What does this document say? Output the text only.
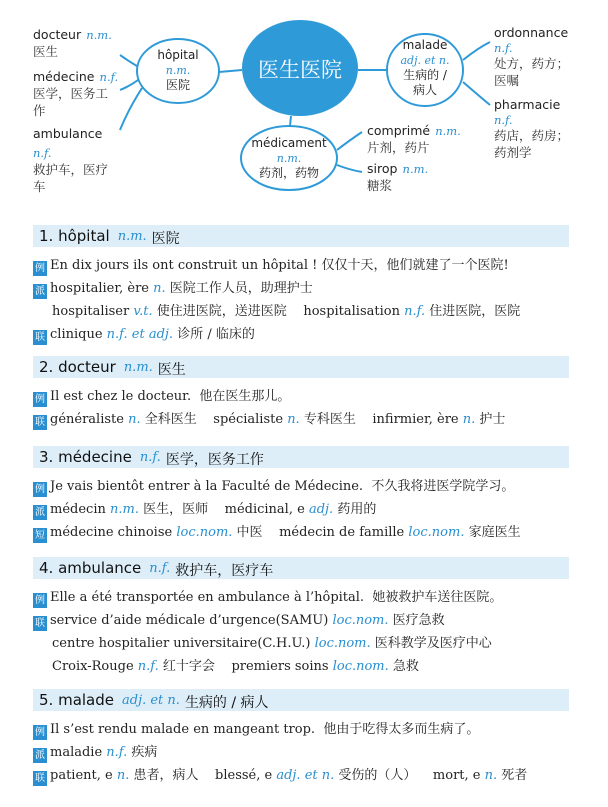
医生医院
docteur n.m.
医生
médecine n.f.
医学，医务工作
ambulance n.f.
救护车，医疗车
hôpital
n.m.
医院
malade
adj. et n.
生病的 / 病人
médicament
n.m.
药剂，药物
comprimé n.m.
片剂，药片
sirop n.m.
糖浆
ordonnance
n.f.
处方，药方；医嘱
pharmacie
n.f.
药店，药房；药剂学
1. hôpital n.m. 医院
例 En dix jours ils ont construit un hôpital ! 仅仅十天，他们就建了一个医院!
派 hospitalier, ère n. 医院工作人员，助理护士
hospitaliser v.t. 使住进医院，送进医院    hospitalisation n.f. 住进医院，医院
联 clinique n.f. et adj. 诊所 / 临床的
2. docteur n.m. 医生
例 Il est chez le docteur.  他在医生那儿。
联 généraliste n. 全科医生    spécialiste n. 专科医生    infirmier, ère n. 护士
3. médecine n.f. 医学，医务工作
例 Je vais bientôt entrer à la Faculté de Médecine.  不久我将进医学院学习。
派 médecin n.m. 医生，医师    médicinal, e adj. 药用的
短 médecine chinoise loc.nom. 中医    médecin de famille loc.nom. 家庭医生
4. ambulance n.f. 救护车，医疗车
例 Elle a été transportée en ambulance à l’hôpital.  她被救护车送往医院。
联 service d’aide médicale d’urgence(SAMU) loc.nom. 医疗急救
centre hospitalier universitaire(C.H.U.) loc.nom. 医科教学及医疗中心
Croix-Rouge n.f. 红十字会    premiers soins loc.nom. 急救
5. malade adj. et n. 生病的 / 病人
例 Il s’est rendu malade en mangeant trop.  他由于吃得太多而生病了。
派 maladie n.f. 疾病
联 patient, e n. 患者，病人    blessé, e adj. et n. 受伤的（人）    mort, e n. 死者
